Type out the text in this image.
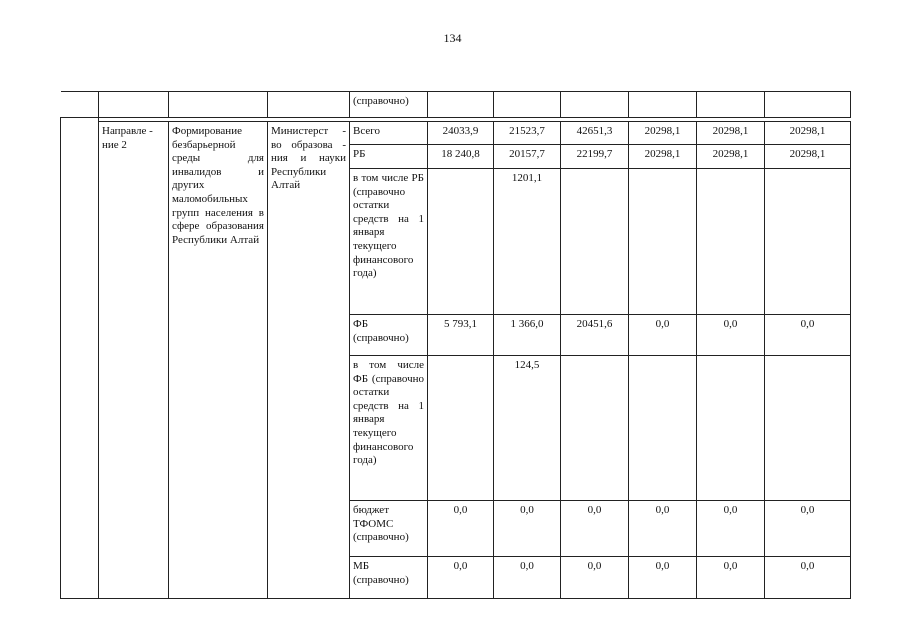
134
				(справочно)						

	Направле - ние 2	Формирование безбарьерной среды для инвалидов и других маломобильных групп населения в сфере образования Республики Алтай	Министерст - во образова - ния и науки Республики Алтай	Всего	24033,9	21523,7	42651,3	20298,1	20298,1	20298,1
				РБ	18 240,8	20157,7	22199,7	20298,1	20298,1	20298,1
				в том числе РБ (справочно остатки средств на 1 января текущего финансового года)		1201,1				
				ФБ (справочно)	5 793,1	1 366,0	20451,6	0,0	0,0	0,0
				в том числе ФБ (справочно остатки средств на 1 января текущего финансового года)		124,5				
				бюджет ТФОМС (справочно)	0,0	0,0	0,0	0,0	0,0	0,0
				МБ (справочно)	0,0	0,0	0,0	0,0	0,0	0,0
